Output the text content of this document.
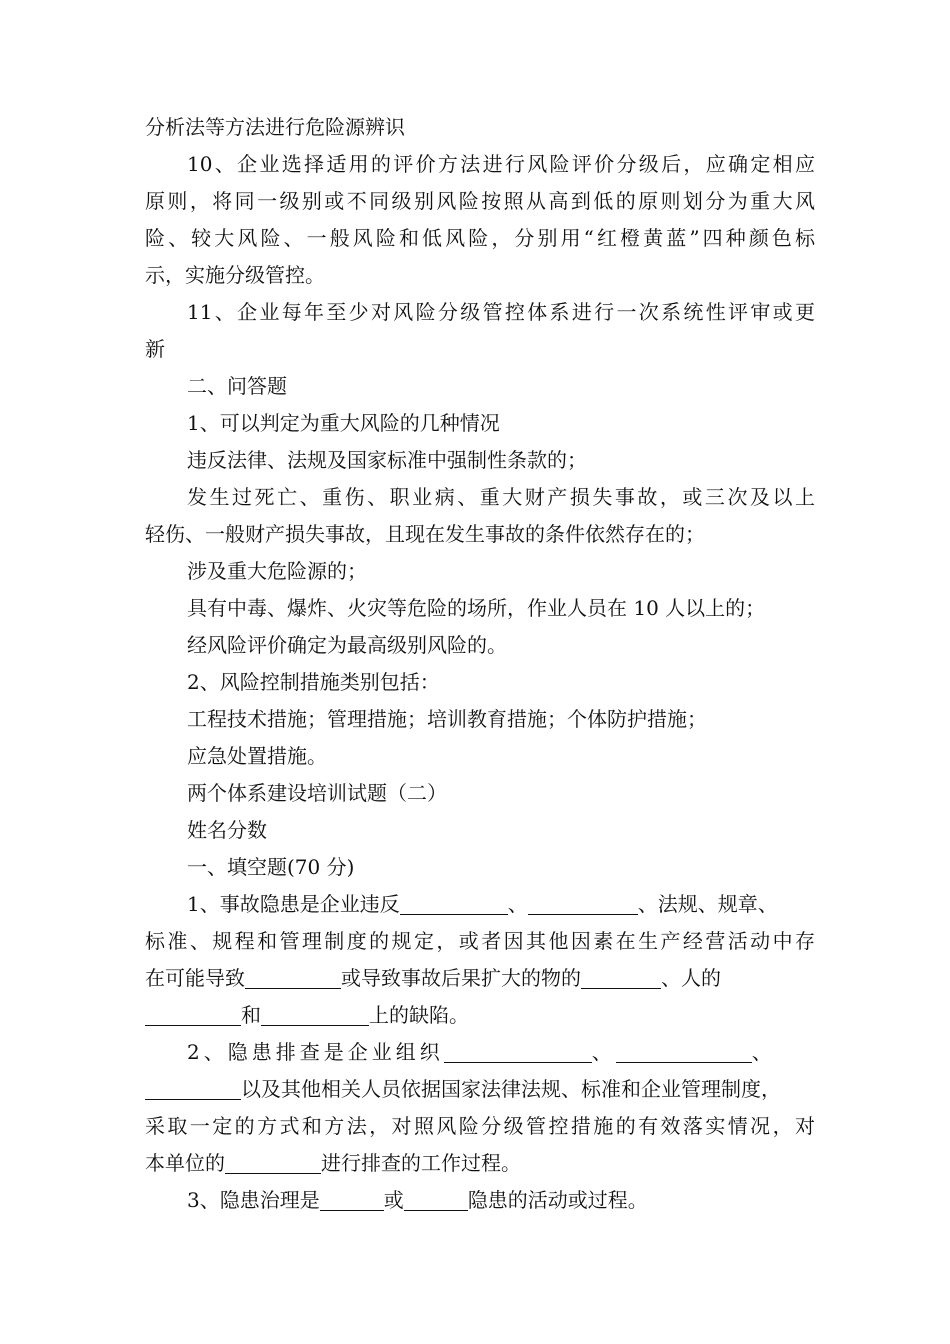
分析法等方法进行危险源辨识
10、企业选择适用的评价方法进行风险评价分级后，应确定相应
原则，将同一级别或不同级别风险按照从高到低的原则划分为重大风
险、较大风险、一般风险和低风险，分别用“红橙黄蓝”四种颜色标
示，实施分级管控。
11、企业每年至少对风险分级管控体系进行一次系统性评审或更
新
二、问答题
1、可以判定为重大风险的几种情况
违反法律、法规及国家标准中强制性条款的；
发生过死亡、重伤、职业病、重大财产损失事故，或三次及以上
轻伤、一般财产损失事故，且现在发生事故的条件依然存在的；
涉及重大危险源的；
具有中毒、爆炸、火灾等危险的场所，作业人员在 10 人以上的；
经风险评价确定为最高级别风险的。
2、风险控制措施类别包括：
工程技术措施；管理措施；培训教育措施；个体防护措施；
应急处置措施。
两个体系建设培训试题（二）
姓名分数
一、填空题(70 分)
1、事故隐患是企业违反	、	、法规、规章、
标准、规程和管理制度的规定，或者因其他因素在生产经营活动中存
在可能导致	或导致事故后果扩大的物的	、人的
和	上的缺陷。
2、隐患排查是企业组织	、	、
以及其他相关人员依据国家法律法规、标准和企业管理制度，
采取一定的方式和方法，对照风险分级管控措施的有效落实情况，对
本单位的	进行排查的工作过程。
3、隐患治理是	或	隐患的活动或过程。
